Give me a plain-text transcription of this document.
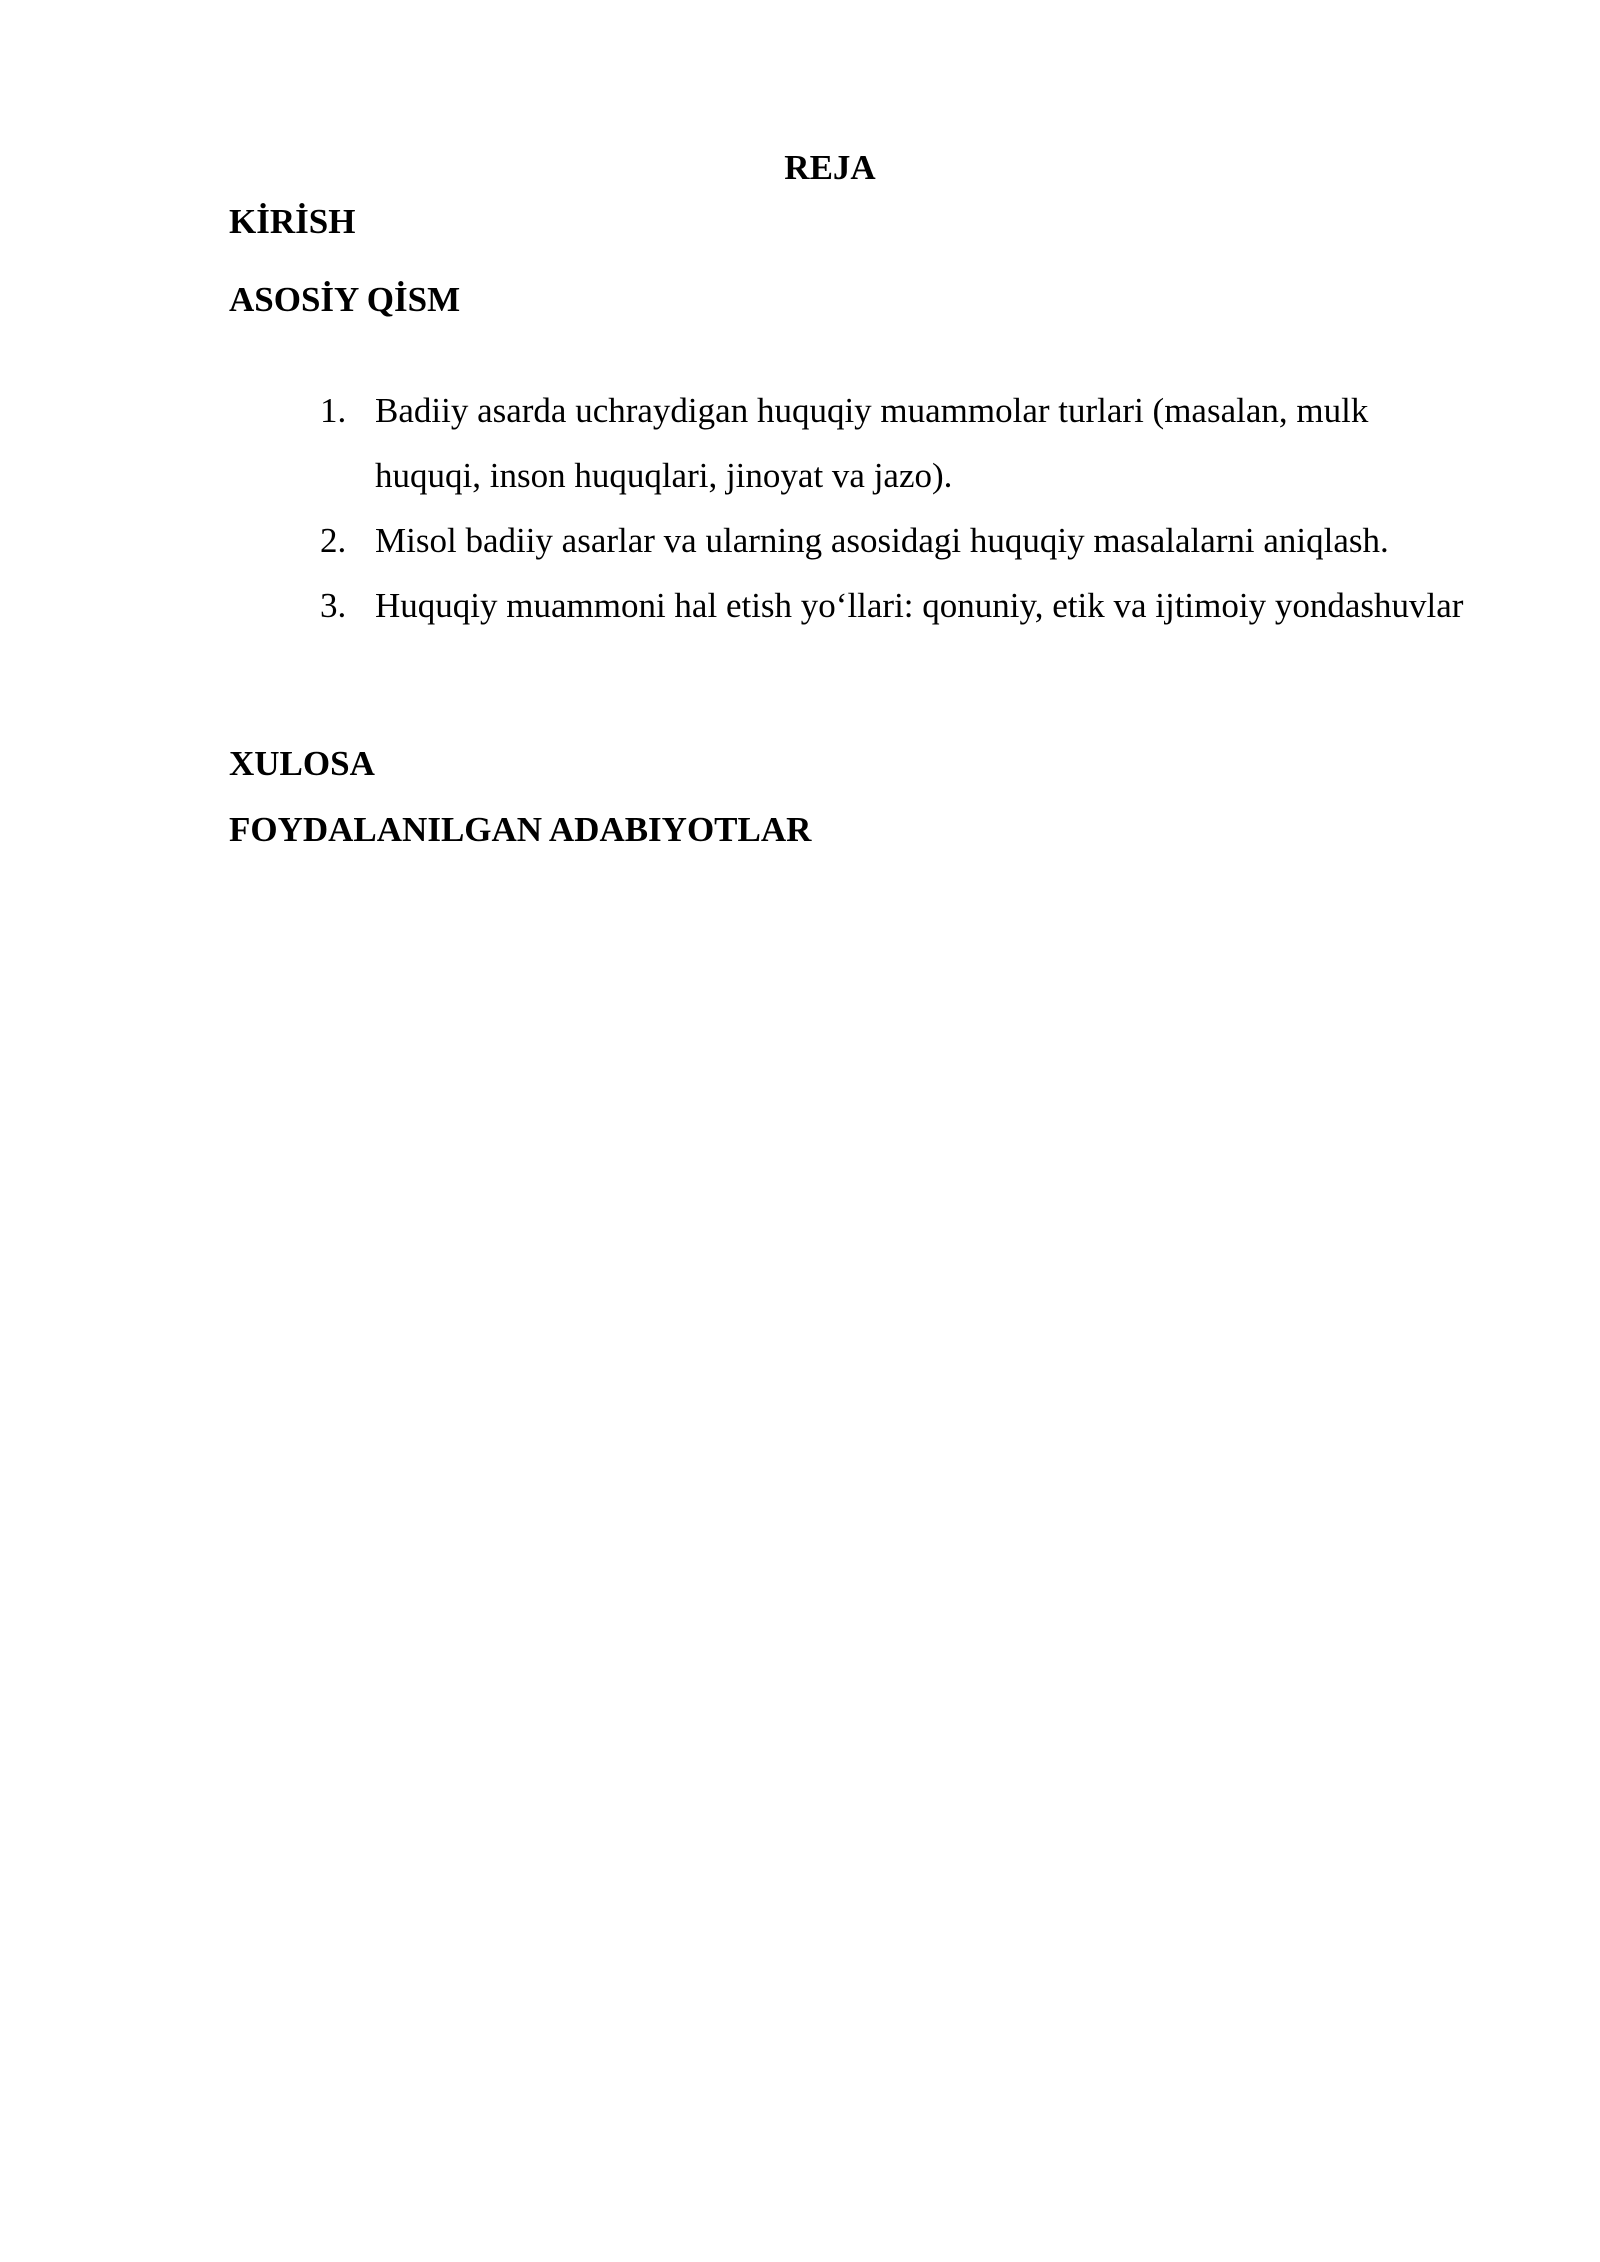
REJA
KİRİSH
ASOSİY QİSM
1. Badiiy asarda uchraydigan huquqiy muammolar turlari (masalan, mulk huquqi, inson huquqlari, jinoyat va jazo).
2. Misol badiiy asarlar va ularning asosidagi huquqiy masalalarni aniqlash.
3. Huquqiy muammoni hal etish yo‘llari: qonuniy, etik va ijtimoiy yondashuvlar
XULOSA
FOYDALANILGAN ADABIYOTLAR
